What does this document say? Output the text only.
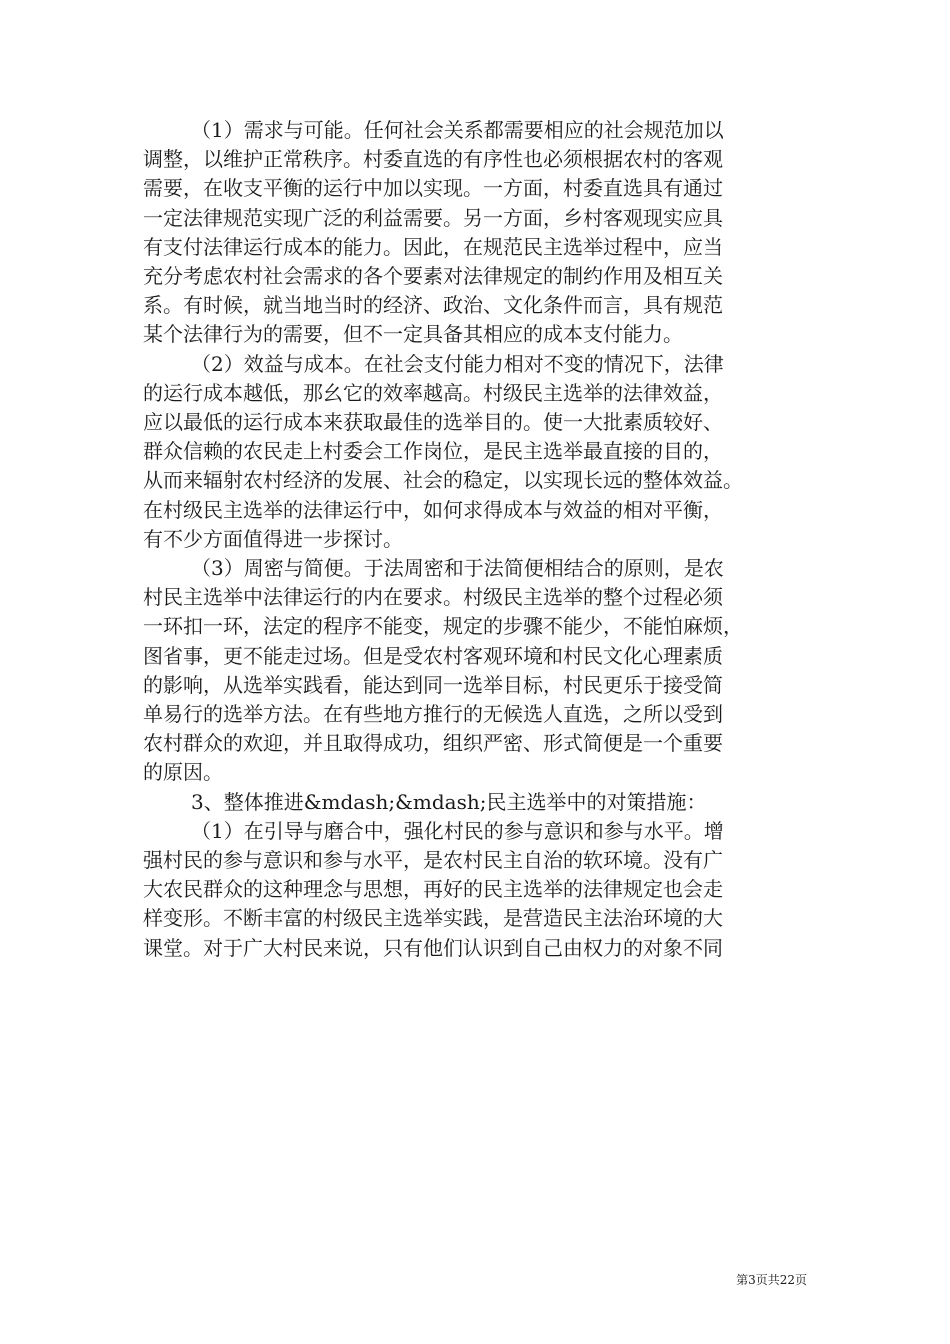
（1）需求与可能。任何社会关系都需要相应的社会规范加以
调整，以维护正常秩序。村委直选的有序性也必须根据农村的客观
需要，在收支平衡的运行中加以实现。一方面，村委直选具有通过
一定法律规范实现广泛的利益需要。另一方面，乡村客观现实应具
有支付法律运行成本的能力。因此，在规范民主选举过程中，应当
充分考虑农村社会需求的各个要素对法律规定的制约作用及相互关
系。有时候，就当地当时的经济、政治、文化条件而言，具有规范
某个法律行为的需要，但不一定具备其相应的成本支付能力。
（2）效益与成本。在社会支付能力相对不变的情况下，法律
的运行成本越低，那幺它的效率越高。村级民主选举的法律效益，
应以最低的运行成本来获取最佳的选举目的。使一大批素质较好、
群众信赖的农民走上村委会工作岗位，是民主选举最直接的目的，
从而来辐射农村经济的发展、社会的稳定，以实现长远的整体效益。
在村级民主选举的法律运行中，如何求得成本与效益的相对平衡，
有不少方面值得进一步探讨。
（3）周密与简便。于法周密和于法简便相结合的原则，是农
村民主选举中法律运行的内在要求。村级民主选举的整个过程必须
一环扣一环，法定的程序不能变，规定的步骤不能少，不能怕麻烦，
图省事，更不能走过场。但是受农村客观环境和村民文化心理素质
的影响，从选举实践看，能达到同一选举目标，村民更乐于接受简
单易行的选举方法。在有些地方推行的无候选人直选，之所以受到
农村群众的欢迎，并且取得成功，组织严密、形式简便是一个重要
的原因。
3、整体推进&mdash;&mdash;民主选举中的对策措施：
（1）在引导与磨合中，强化村民的参与意识和参与水平。增
强村民的参与意识和参与水平，是农村民主自治的软环境。没有广
大农民群众的这种理念与思想，再好的民主选举的法律规定也会走
样变形。不断丰富的村级民主选举实践，是营造民主法治环境的大
课堂。对于广大村民来说，只有他们认识到自己由权力的对象不同
第3页共22页
